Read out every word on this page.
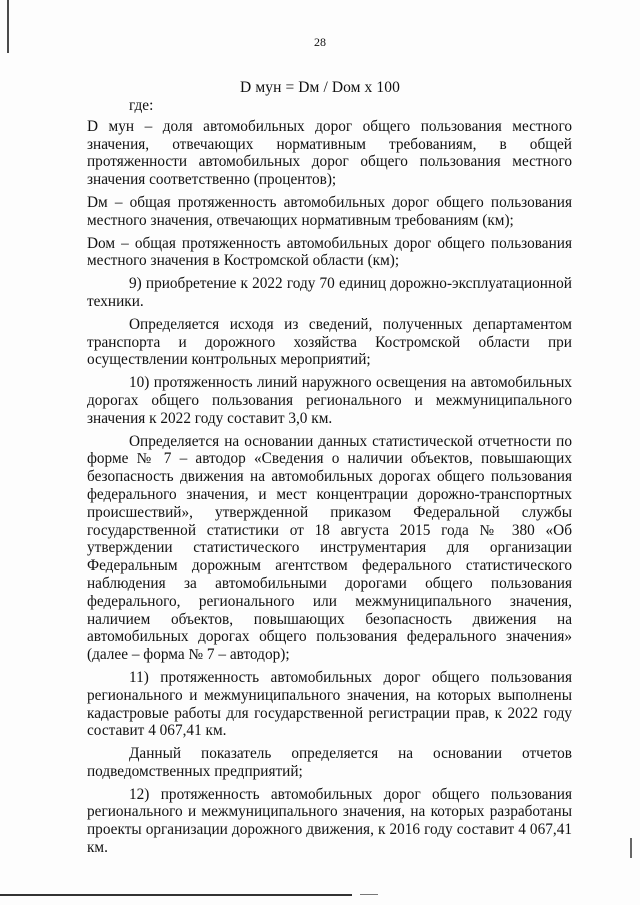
28
D мун = Dм / Dом х 100

где:

D мун – доля автомобильных дорог общего пользования местного значения, отвечающих нормативным требованиям, в общей протяженности автомобильных дорог общего пользования местного значения соответственно (процентов);

Dм – общая протяженность автомобильных дорог общего пользования местного значения, отвечающих нормативным требованиям (км);

Dом – общая протяженность автомобильных дорог общего пользования местного значения в Костромской области (км);

9) приобретение к 2022 году 70 единиц дорожно-эксплуатационной техники.

Определяется исходя из сведений, полученных департаментом транспорта и дорожного хозяйства Костромской области при осуществлении контрольных мероприятий;

10) протяженность линий наружного освещения на автомобильных дорогах общего пользования регионального и межмуниципального значения к 2022 году составит 3,0 км.

Определяется на основании данных статистической отчетности по форме № 7 – автодор «Сведения о наличии объектов, повышающих безопасность движения на автомобильных дорогах общего пользования федерального значения, и мест концентрации дорожно-транспортных происшествий», утвержденной приказом Федеральной службы государственной статистики от 18 августа 2015 года № 380 «Об утверждении статистического инструментария для организации Федеральным дорожным агентством федерального статистического наблюдения за автомобильными дорогами общего пользования федерального, регионального или межмуниципального значения, наличием объектов, повышающих безопасность движения на автомобильных дорогах общего пользования федерального значения» (далее – форма № 7 – автодор);

11) протяженность автомобильных дорог общего пользования регионального и межмуниципального значения, на которых выполнены кадастровые работы для государственной регистрации прав, к 2022 году составит 4 067,41 км.

Данный показатель определяется на основании отчетов подведомственных предприятий;

12) протяженность автомобильных дорог общего пользования регионального и межмуниципального значения, на которых разработаны проекты организации дорожного движения, к 2016 году составит 4 067,41 км.
